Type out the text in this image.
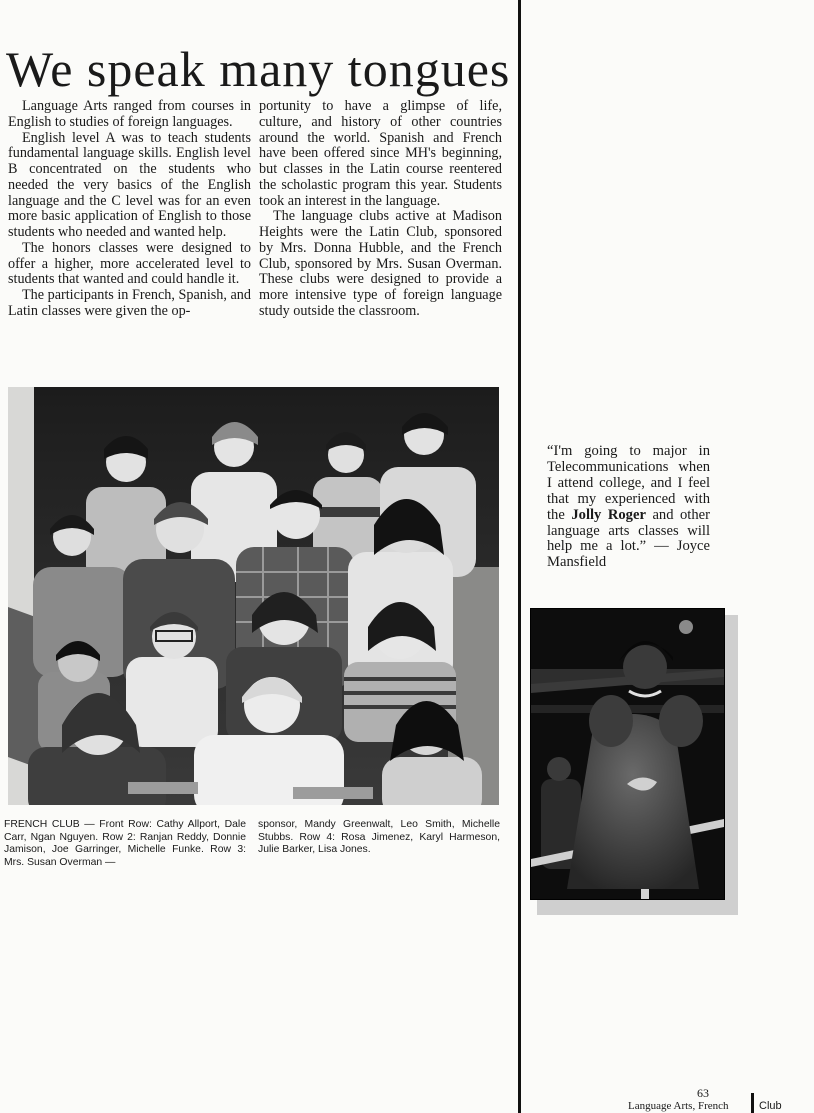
We speak many tongues

Language Arts ranged from courses in English to studies of foreign languages.

English level A was to teach students fundamental language skills. English level B concentrated on the students who needed the very basics of the English language and the C level was for an even more basic application of English to those students who needed and wanted help.

The honors classes were designed to offer a higher, more accelerated level to students that wanted and could handle it.

The participants in French, Spanish, and Latin classes were given the op-

portunity to have a glimpse of life, culture, and history of other countries around the world. Spanish and French have been offered since MH's beginning, but classes in the Latin course reentered the scholastic program this year. Students took an interest in the language.

The language clubs active at Madison Heights were the Latin Club, sponsored by Mrs. Donna Hubble, and the French Club, sponsored by Mrs. Susan Overman. These clubs were designed to provide a more intensive type of foreign language study outside the classroom.

FRENCH CLUB — Front Row: Cathy Allport, Dale Carr, Ngan Nguyen. Row 2: Ranjan Reddy, Donnie Jamison, Joe Garringer, Michelle Funke. Row 3: Mrs. Susan Overman —
sponsor, Mandy Greenwalt, Leo Smith, Michelle Stubbs. Row 4: Rosa Jimenez, Karyl Harmeson, Julie Barker, Lisa Jones.

“I'm going to major in Telecommunications when I attend college, and I feel that my experienced with the Jolly Roger and other language arts classes will help me a lot.” — Joyce Mansfield

63
Language Arts, French	Club
